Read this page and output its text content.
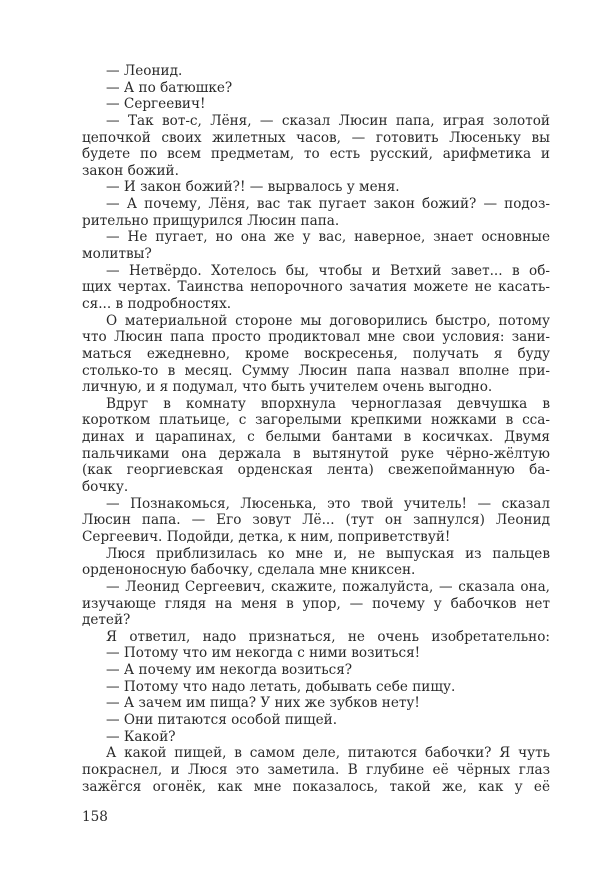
— Леонид.
— А по батюшке?
— Сергеевич!
— Так вот-с, Лёня, — сказал Люсин папа, играя золотой
цепочкой своих жилетных часов, — готовить Люсеньку вы
будете по всем предметам, то есть русский, арифметика и
закон божий.
— И закон божий?! — вырвалось у меня.
— А почему, Лёня, вас так пугает закон божий? — подоз-
рительно прищурился Люсин папа.
— Не пугает, но она же у вас, наверное, знает основные
молитвы?
— Нетвёрдо. Хотелось бы, чтобы и Ветхий завет... в об-
щих чертах. Таинства непорочного зачатия можете не касать-
ся... в подробностях.
О материальной стороне мы договорились быстро, потому
что Люсин папа просто продиктовал мне свои условия: зани-
маться ежедневно, кроме воскресенья, получать я буду
столько-то в месяц. Сумму Люсин папа назвал вполне при-
личную, и я подумал, что быть учителем очень выгодно.
Вдруг в комнату впорхнула черноглазая девчушка в
коротком платьице, с загорелыми крепкими ножками в сса-
динах и царапинах, с белыми бантами в косичках. Двумя
пальчиками она держала в вытянутой руке чёрно-жёлтую
(как георгиевская орденская лента) свежепойманную ба-
бочку.
— Познакомься, Люсенька, это твой учитель! — сказал
Люсин папа. — Его зовут Лё... (тут он запнулся) Леонид
Сергеевич. Подойди, детка, к ним, поприветствуй!
Люся приблизилась ко мне и, не выпуская из пальцев
орденоносную бабочку, сделала мне книксен.
— Леонид Сергеевич, скажите, пожалуйста, — сказала она,
изучающе глядя на меня в упор, — почему у бабочков нет
детей?
Я ответил, надо признаться, не очень изобретательно:
— Потому что им некогда с ними возиться!
— А почему им некогда возиться?
— Потому что надо летать, добывать себе пищу.
— А зачем им пища? У них же зубков нету!
— Они питаются особой пищей.
— Какой?
А какой пищей, в самом деле, питаются бабочки? Я чуть
покраснел, и Люся это заметила. В глубине её чёрных глаз
зажёгся огонёк, как мне показалось, такой же, как у её
158
